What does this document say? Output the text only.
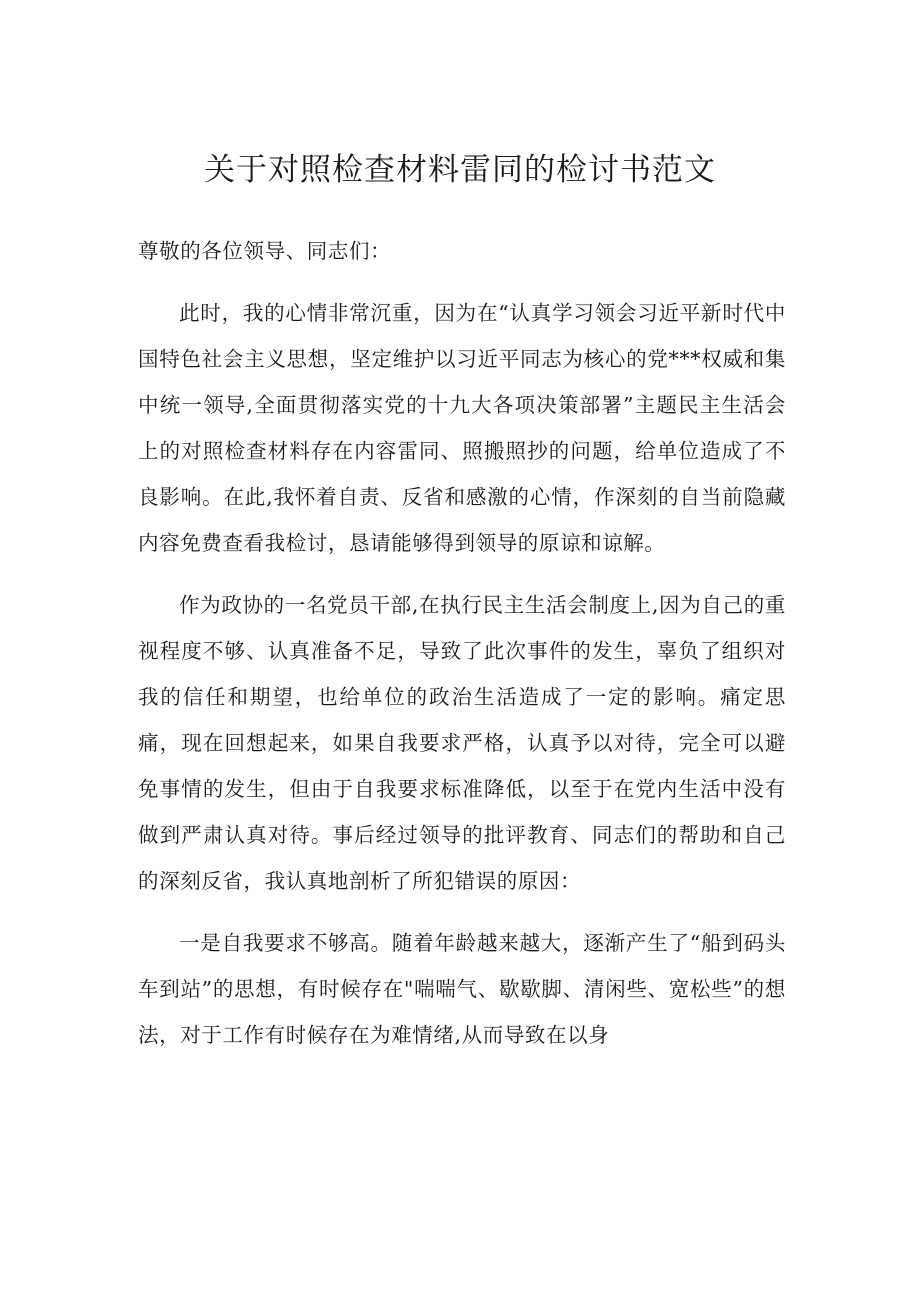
关于对照检查材料雷同的检讨书范文

尊敬的各位领导、同志们：

此时，我的心情非常沉重，因为在“认真学习领会习近平新时代中国特色社会主义思想，坚定维护以习近平同志为核心的党***权威和集中统一领导,全面贯彻落实党的十九大各项决策部署”主题民主生活会上的对照检查材料存在内容雷同、照搬照抄的问题，给单位造成了不良影响。在此,我怀着自责、反省和感激的心情，作深刻的自当前隐藏内容免费查看我检讨，恳请能够得到领导的原谅和谅解。

作为政协的一名党员干部,在执行民主生活会制度上,因为自己的重视程度不够、认真准备不足，导致了此次事件的发生，辜负了组织对我的信任和期望，也给单位的政治生活造成了一定的影响。痛定思痛，现在回想起来，如果自我要求严格，认真予以对待，完全可以避免事情的发生，但由于自我要求标准降低，以至于在党内生活中没有做到严肃认真对待。事后经过领导的批评教育、同志们的帮助和自己的深刻反省，我认真地剖析了所犯错误的原因：

一是自我要求不够高。随着年龄越来越大，逐渐产生了“船到码头车到站”的思想，有时候存在"喘喘气、歇歇脚、清闲些、宽松些”的想法，对于工作有时候存在为难情绪,从而导致在以身
